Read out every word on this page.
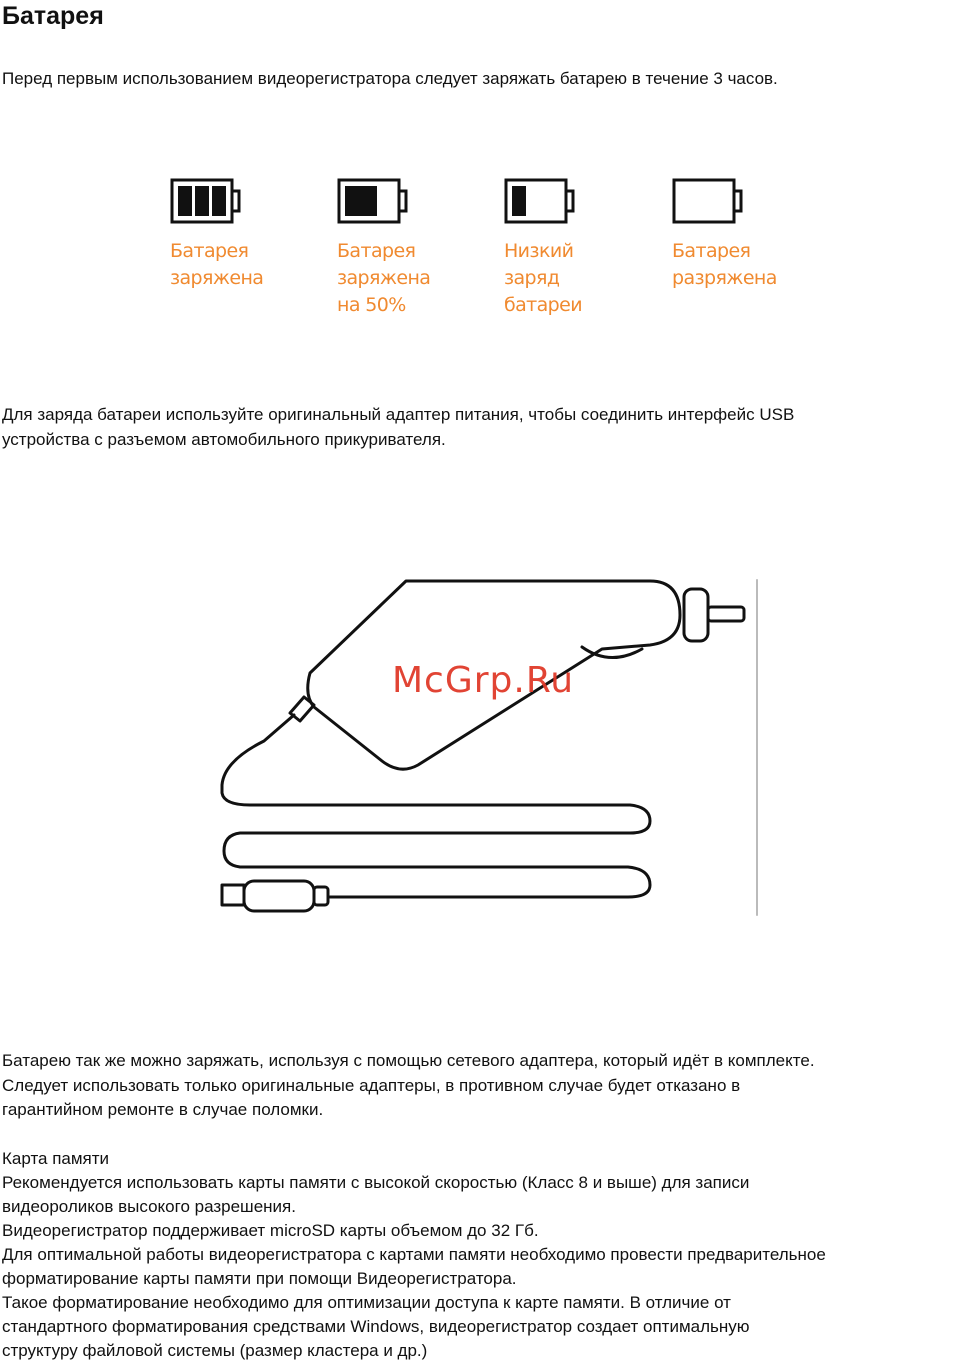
Батарея
Перед первым использованием видеорегистратора следует заряжать батарею в течение 3 часов.
Батарея
заряжена
Батарея
заряжена
на 50%
Низкий
заряд
батареи
Батарея
разряжена
Для заряда батареи используйте оригинальный адаптер питания, чтобы соединить интерфейс USB
устройства с разъемом автомобильного прикуривателя.
McGrp.Ru
Батарею так же можно заряжать, используя с помощью сетевого адаптера, который идёт в комплекте.
Следует использовать только оригинальные адаптеры, в противном случае будет отказано в
гарантийном ремонте в случае поломки.
Карта памяти
Рекомендуется использовать карты памяти с высокой скоростью (Класс 8 и выше) для записи
видеороликов высокого разрешения.
Видеорегистратор поддерживает microSD карты объемом до 32 Гб.
Для оптимальной работы видеорегистратора с картами памяти необходимо провести предварительное
форматирование карты памяти при помощи Видеорегистратора.
Такое форматирование необходимо для оптимизации доступа к карте памяти. В отличие от
стандартного форматирования средствами Windows, видеорегистратор создает оптимальную
структуру файловой системы (размер кластера и др.)
